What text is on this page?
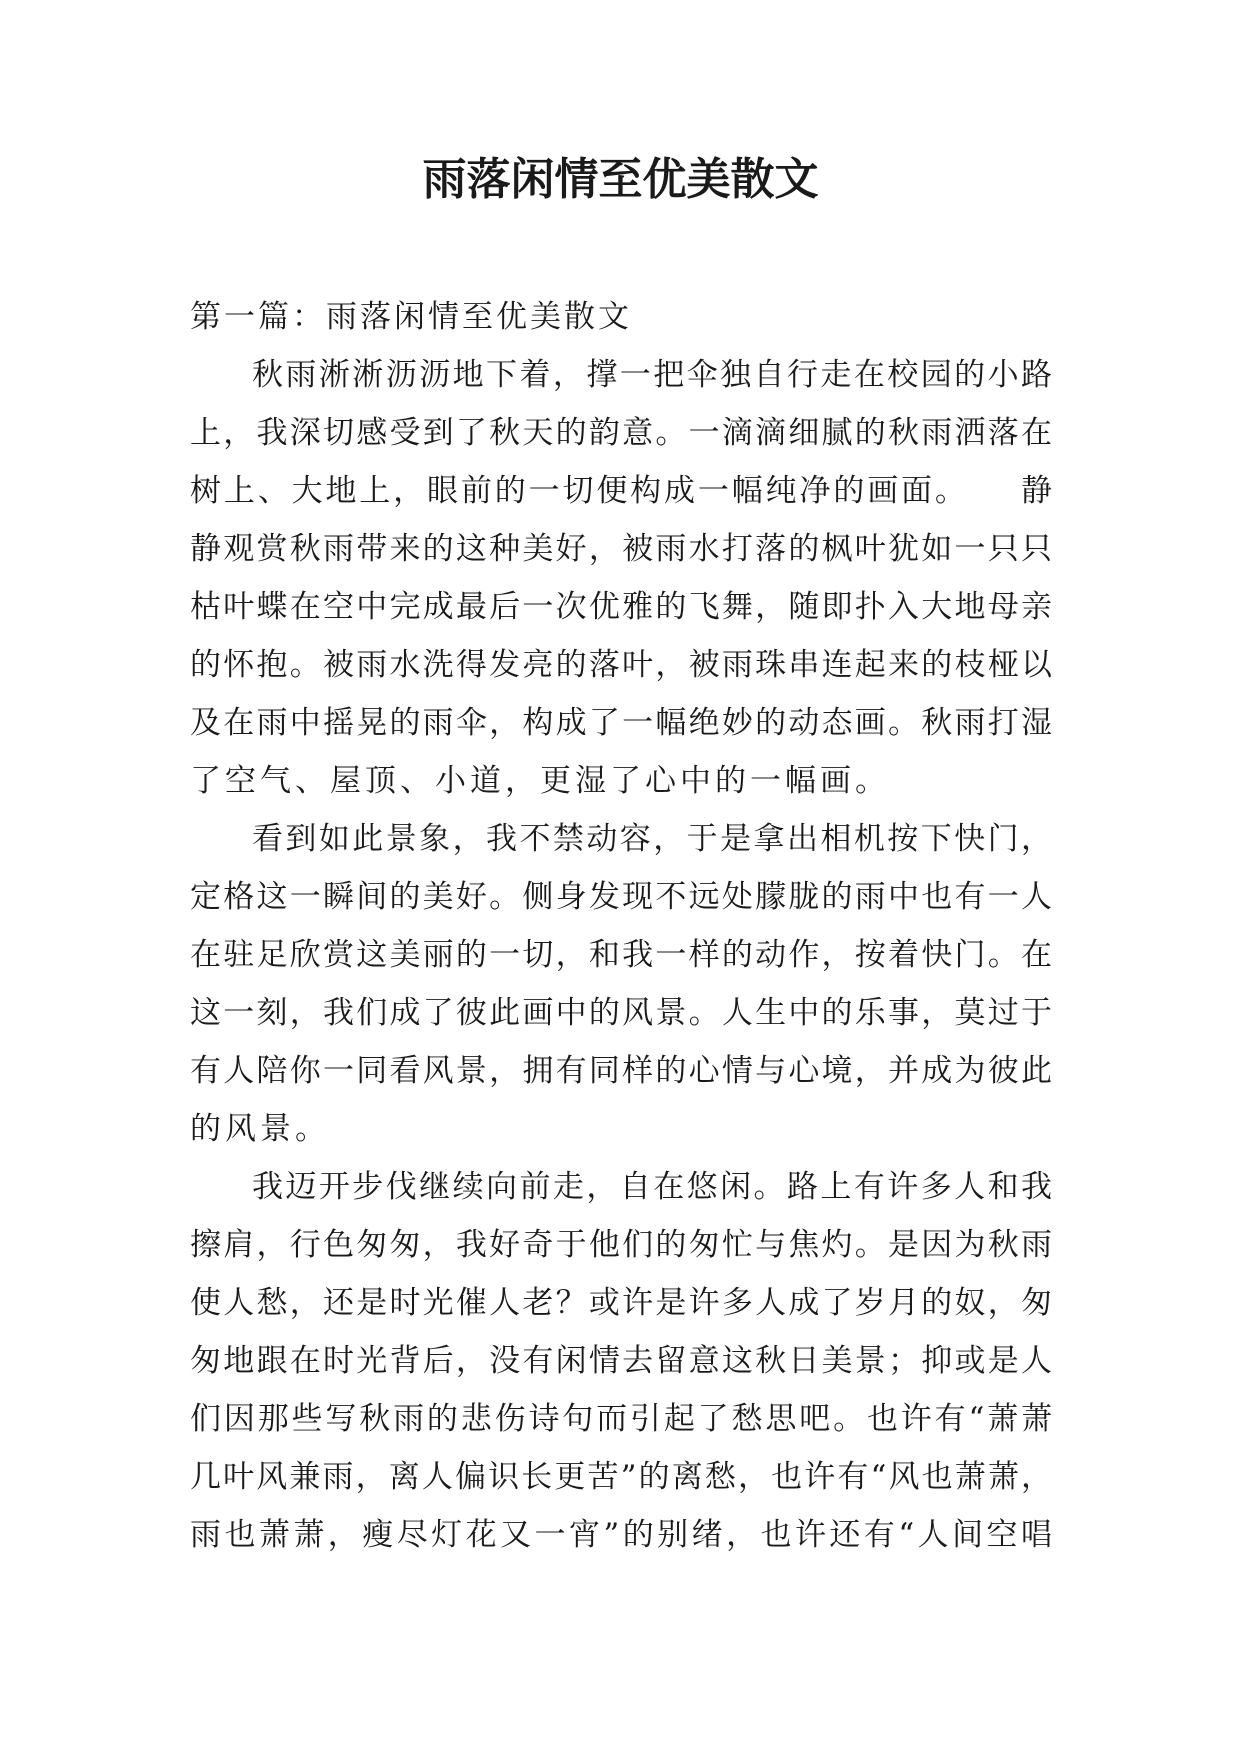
雨落闲情至优美散文

第一篇：雨落闲情至优美散文

秋雨淅淅沥沥地下着，撑一把伞独自行走在校园的小路

上，我深切感受到了秋天的韵意。一滴滴细腻的秋雨洒落在

树上、大地上，眼前的一切便构成一幅纯净的画面。　　静

静观赏秋雨带来的这种美好，被雨水打落的枫叶犹如一只只

枯叶蝶在空中完成最后一次优雅的飞舞，随即扑入大地母亲

的怀抱。被雨水洗得发亮的落叶，被雨珠串连起来的枝桠以

及在雨中摇晃的雨伞，构成了一幅绝妙的动态画。秋雨打湿

了空气、屋顶、小道，更湿了心中的一幅画。

看到如此景象，我不禁动容，于是拿出相机按下快门，

定格这一瞬间的美好。侧身发现不远处朦胧的雨中也有一人

在驻足欣赏这美丽的一切，和我一样的动作，按着快门。在

这一刻，我们成了彼此画中的风景。人生中的乐事，莫过于

有人陪你一同看风景，拥有同样的心情与心境，并成为彼此

的风景。

我迈开步伐继续向前走，自在悠闲。路上有许多人和我

擦肩，行色匆匆，我好奇于他们的匆忙与焦灼。是因为秋雨

使人愁，还是时光催人老？或许是许多人成了岁月的奴，匆

匆地跟在时光背后，没有闲情去留意这秋日美景；抑或是人

们因那些写秋雨的悲伤诗句而引起了愁思吧。也许有“萧萧

几叶风兼雨，离人偏识长更苦”的离愁，也许有“风也萧萧，

雨也萧萧，瘦尽灯花又一宵”的别绪，也许还有“人间空唱
